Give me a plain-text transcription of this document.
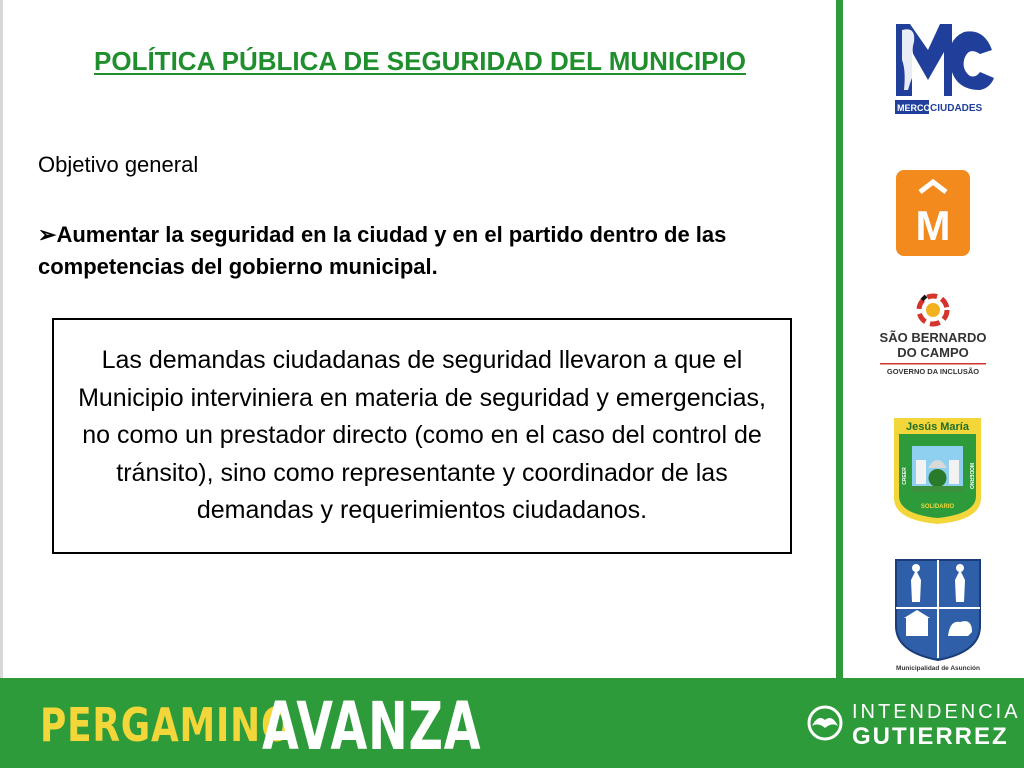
POLÍTICA PÚBLICA DE SEGURIDAD DEL MUNICIPIO
Objetivo general
➢Aumentar la seguridad en la ciudad y en el partido dentro de las competencias del gobierno municipal.
Las demandas ciudadanas de seguridad llevaron a que el Municipio interviniera en materia de seguridad y emergencias, no como un prestador directo (como en el caso del control de tránsito), sino como representante y coordinador de las demandas y requerimientos ciudadanos.
MERCO CIUDADES
M
SÃO BERNARDO
DO CAMPO
GOVERNO DA INCLUSÃO
Jesús María
CREER	MODERNO
SOLIDARIO
Municipalidad de Asunción
PERGAMINO
AVANZA	INTENDENCIA
GUTIERREZ
